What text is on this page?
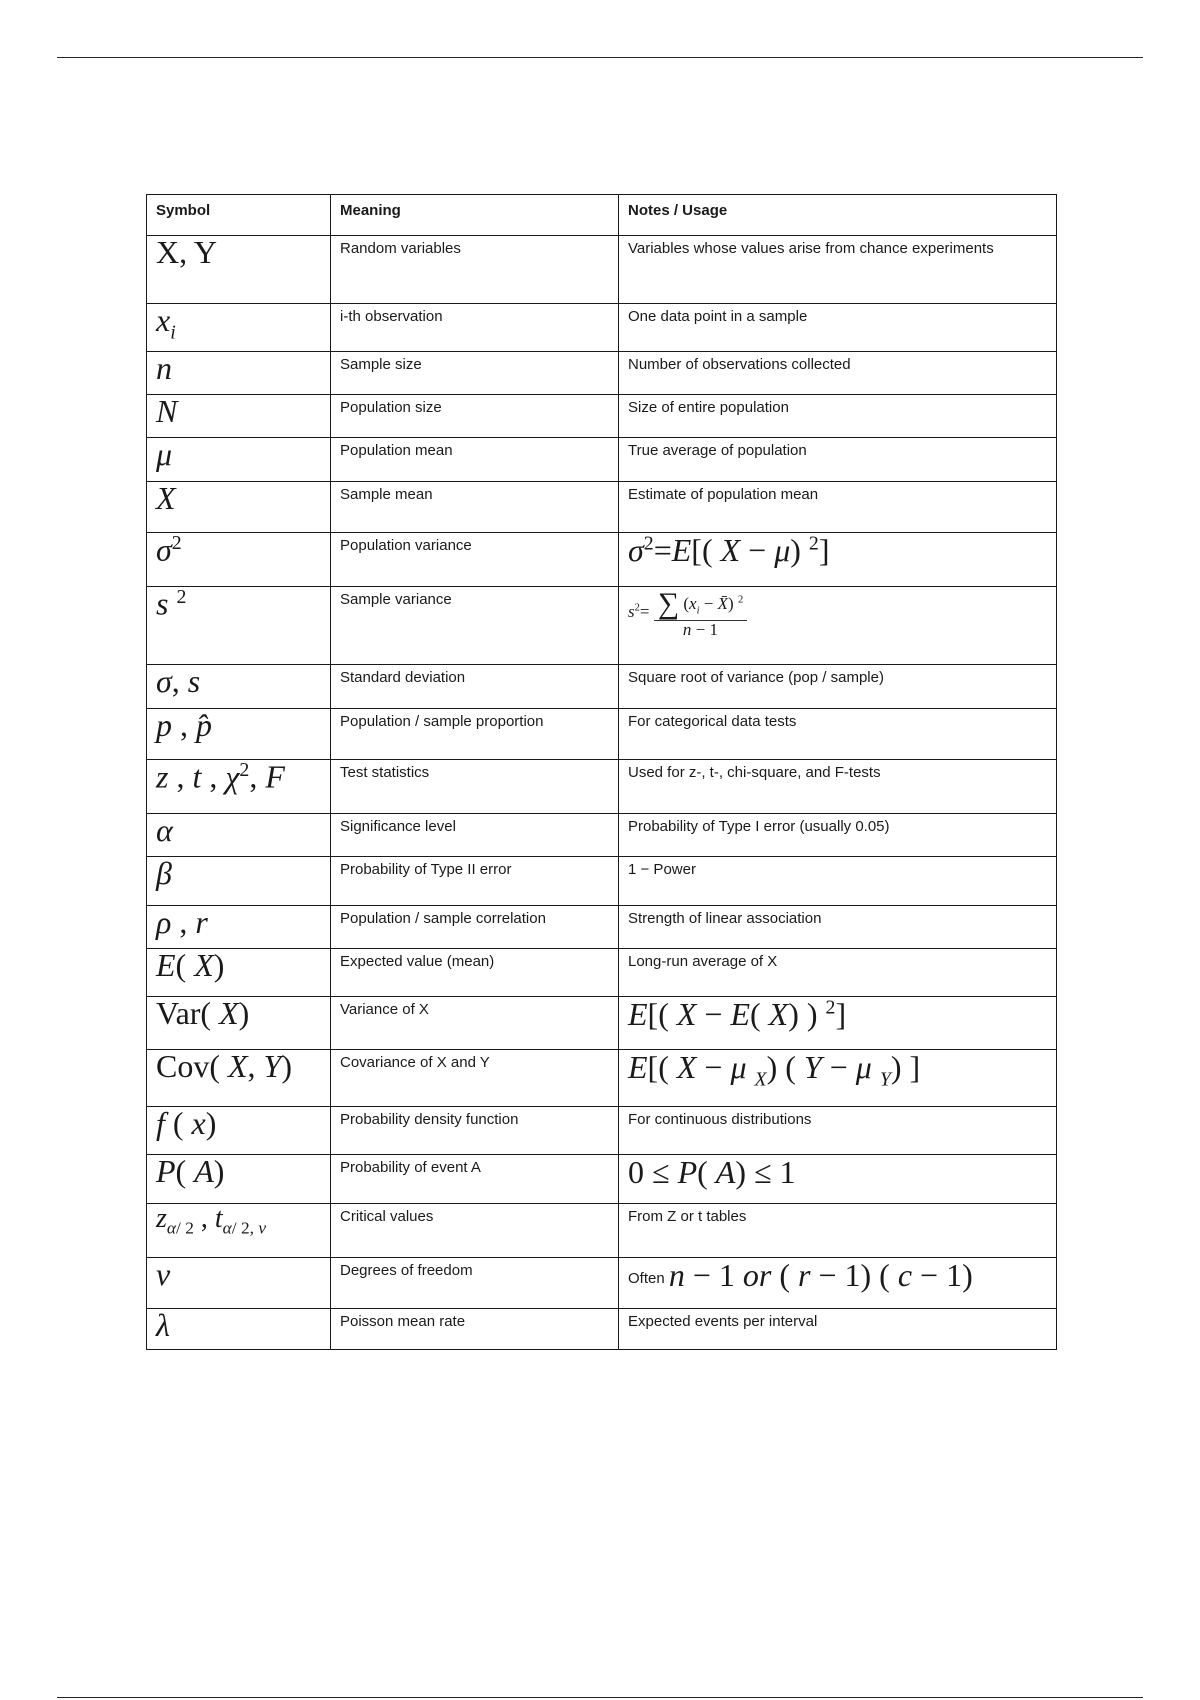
Symbol	Meaning	Notes / Usage
X, Y	Random variables	Variables whose values arise from chance experiments
$x_i$	i-th observation	One data point in a sample
n	Sample size	Number of observations collected
N	Population size	Size of entire population
μ	Population mean	True average of population
X	Sample mean	Estimate of population mean
$\sigma^2$	Population variance	$\sigma^2=E$[( X − μ) $^2$]
s $^2$	Sample variance	$s^2= \frac{\sum (x_i - X̄) ^2}{n - 1}$

σ, s	Standard deviation	Square root of variance (pop / sample)
p , p̂	Population / sample proportion	For categorical data tests
z , t , $\chi^2$, F	Test statistics	Used for z-, t-, chi-square, and F-tests
α	Significance level	Probability of Type I error (usually 0.05)
β	Probability of Type II error	1 − Power
ρ , r	Population / sample correlation	Strength of linear association
E( X)	Expected value (mean)	Long-run average of X
Var( X)	Variance of X	E[( X − E( X) ) $^2$]
Cov( X, Y)	Covariance of X and Y	E[( X − μ $_X$) ( Y − μ $_Y$) ]
f ( x)	Probability density function	For continuous distributions
P( A)	Probability of event A	0 ≤ P( A) ≤ 1
$z_{\alpha/ 2}$ , $t_{\alpha/ 2, \nu}$	Critical values	From Z or t tables
ν	Degrees of freedom	Often n − 1 or ( r − 1) ( c − 1)
λ	Poisson mean rate	Expected events per interval
